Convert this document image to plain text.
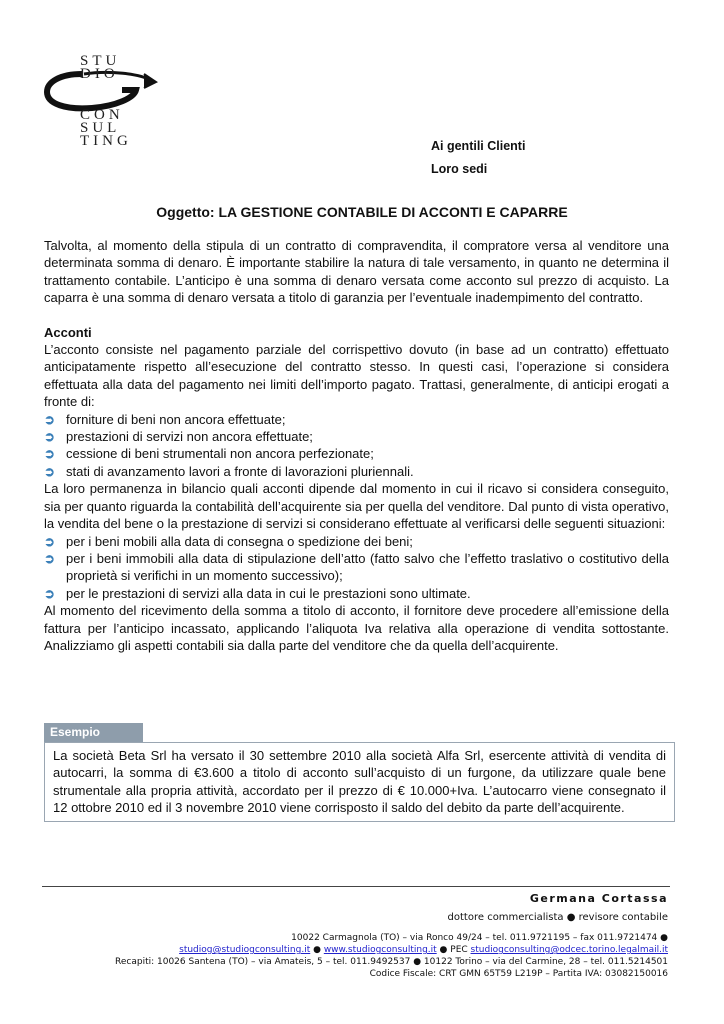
STU
DIO
CON
SUL
TING	Ai gentili Clienti
Loro sedi
Oggetto: LA GESTIONE CONTABILE DI ACCONTI E CAPARRE

Talvolta, al momento della stipula di un contratto di compravendita, il compratore versa al venditore una determinata somma di denaro. È importante stabilire la natura di tale versamento, in quanto ne determina il trattamento contabile. L’anticipo è una somma di denaro versata come acconto sul prezzo di acquisto. La caparra è una somma di denaro versata a titolo di garanzia per l’eventuale inadempimento del contratto.

Acconti

L’acconto consiste nel pagamento parziale del corrispettivo dovuto (in base ad un contratto) effettuato anticipatamente rispetto all’esecuzione del contratto stesso. In questi casi, l’operazione si considera effettuata alla data del pagamento nei limiti dell’importo pagato. Trattasi, generalmente, di anticipi erogati a fronte di:

➲ forniture di beni non ancora effettuate;
➲ prestazioni di servizi non ancora effettuate;
➲ cessione di beni strumentali non ancora perfezionate;
➲ stati di avanzamento lavori a fronte di lavorazioni pluriennali.

La loro permanenza in bilancio quali acconti dipende dal momento in cui il ricavo si considera conseguito, sia per quanto riguarda la contabilità dell’acquirente sia per quella del venditore. Dal punto di vista operativo, la vendita del bene o la prestazione di servizi si considerano effettuate al verificarsi delle seguenti situazioni:

➲ per i beni mobili alla data di consegna o spedizione dei beni;
➲ per i beni immobili alla data di stipulazione dell’atto (fatto salvo che l’effetto traslativo o costitutivo della proprietà si verifichi in un momento successivo);
➲ per le prestazioni di servizi alla data in cui le prestazioni sono ultimate.

Al momento del ricevimento della somma a titolo di acconto, il fornitore deve procedere all’emissione della fattura per l’anticipo incassato, applicando l’aliquota Iva relativa alla operazione di vendita sottostante. Analizziamo gli aspetti contabili sia dalla parte del venditore che da quella dell’acquirente.

Esempio
La società Beta Srl ha versato il 30 settembre 2010 alla società Alfa Srl, esercente attività di vendita di autocarri, la somma di €3.600 a titolo di acconto sull’acquisto di un furgone, da utilizzare quale bene strumentale alla propria attività, accordato per il prezzo di € 10.000+Iva. L’autocarro viene consegnato il 12 ottobre 2010 ed il 3 novembre 2010 viene corrisposto il saldo del debito da parte dell’acquirente.
Germana Cortassa
dottore commercialista ● revisore contabile
10022 Carmagnola (TO) – via Ronco 49/24 – tel. 011.9721195 – fax 011.9721474 ●
studiog@studiogconsulting.it ● www.studiogconsulting.it ● PEC studiogconsulting@odcec.torino.legalmail.it
Recapiti: 10026 Santena (TO) – via Amateis, 5 – tel. 011.9492537 ● 10122 Torino – via del Carmine, 28 – tel. 011.5214501
Codice Fiscale: CRT GMN 65T59 L219P – Partita IVA: 03082150016
